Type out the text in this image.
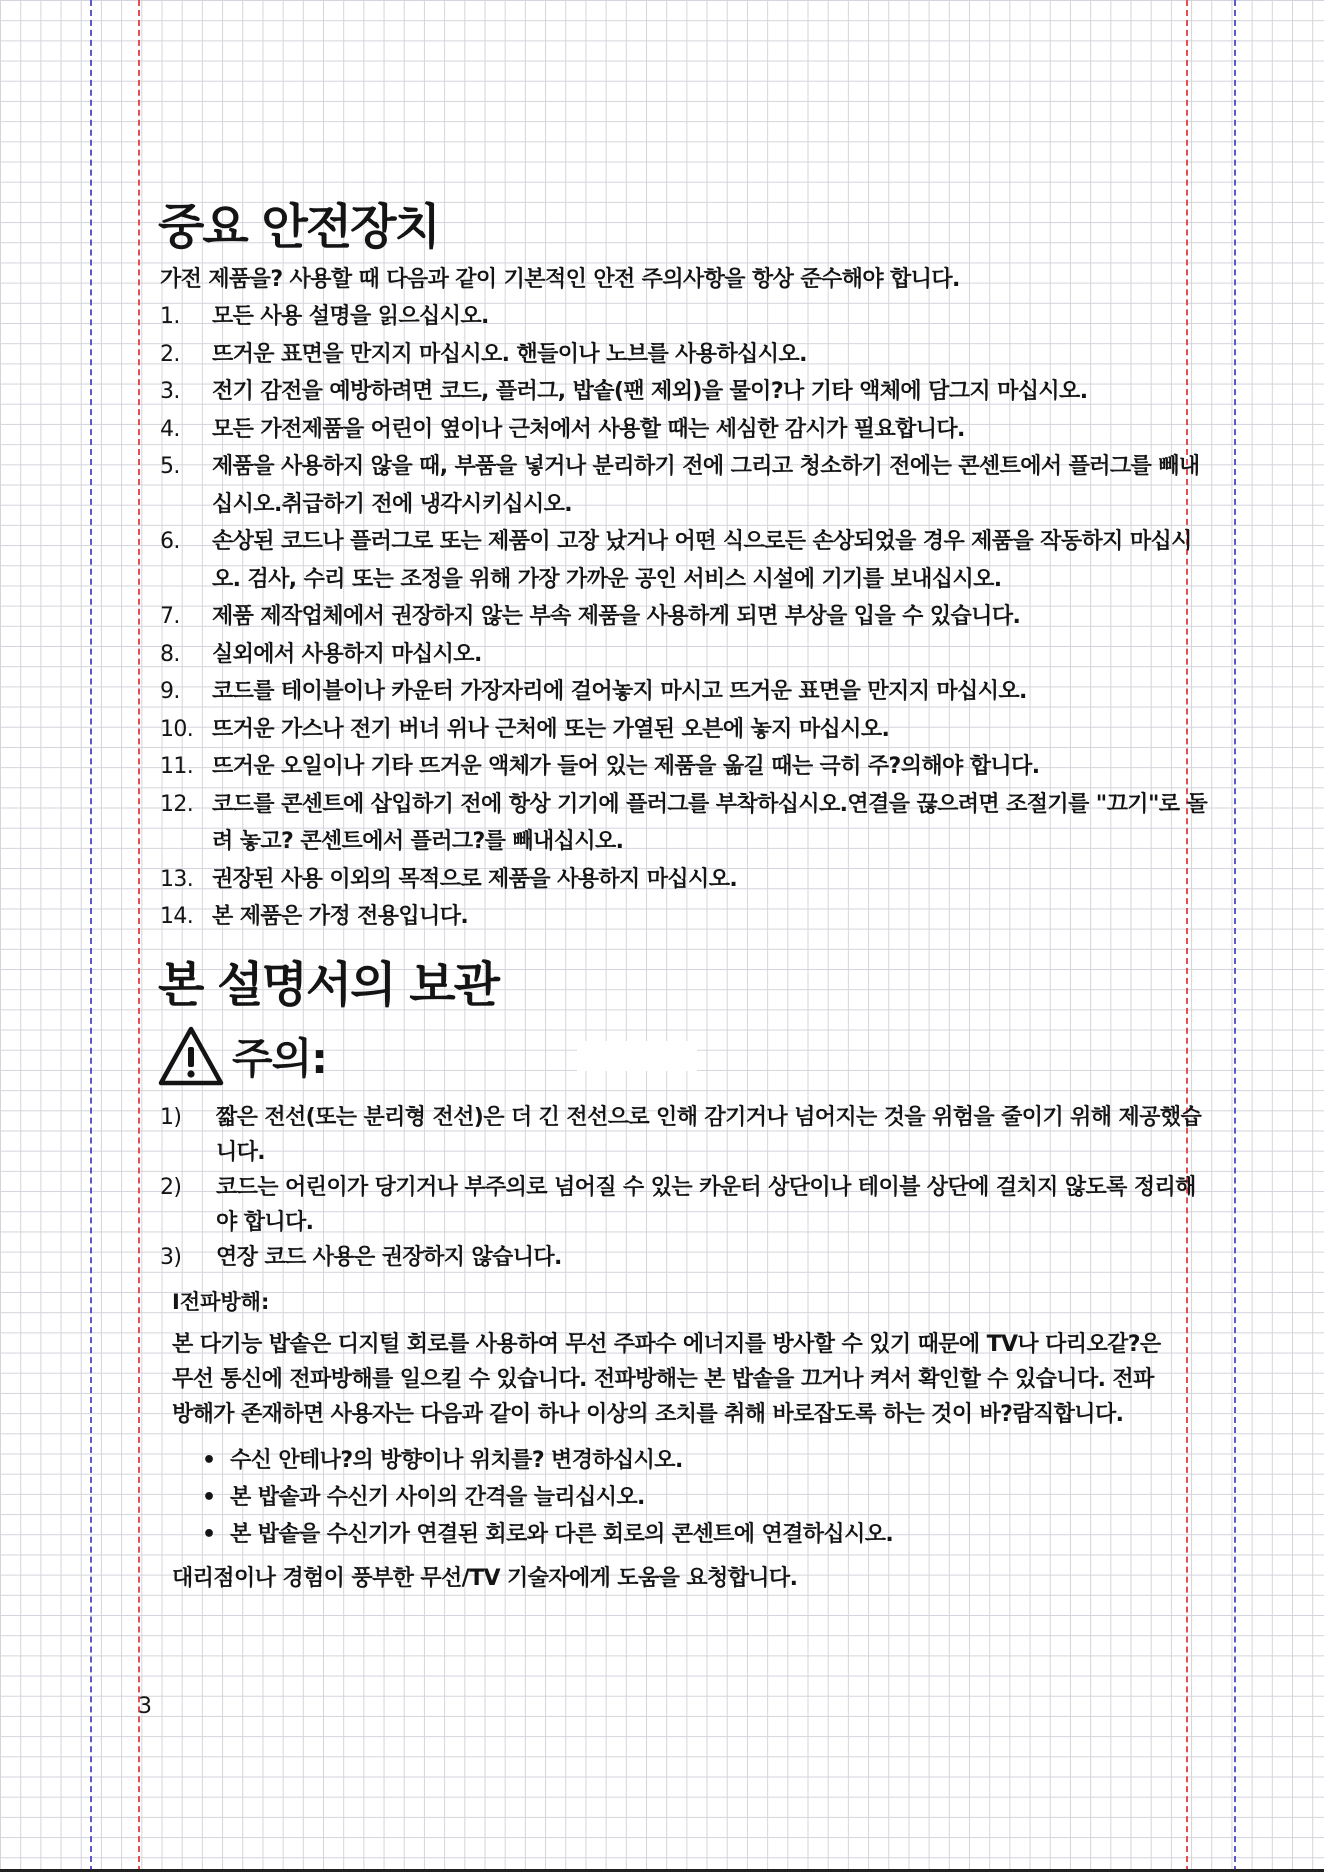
중요 안전장치

가전 제품을? 사용할 때 다음과 같이 기본적인 안전 주의사항을 항상 준수해야 합니다.

1.	모든 사용 설명을 읽으십시오.
2.	뜨거운 표면을 만지지 마십시오. 핸들이나 노브를 사용하십시오.
3.	전기 감전을 예방하려면 코드, 플러그, 밥솥(팬 제외)을 물이?나 기타 액체에 담그지 마십시오.
4.	모든 가전제품을 어린이 옆이나 근처에서 사용할 때는 세심한 감시가 필요합니다.
5.	제품을 사용하지 않을 때, 부품을 넣거나 분리하기 전에 그리고 청소하기 전에는 콘센트에서 플러그를 빼내십시오.취급하기 전에 냉각시키십시오.
6.	손상된 코드나 플러그로 또는 제품이 고장 났거나 어떤 식으로든 손상되었을 경우 제품을 작동하지 마십시오. 검사, 수리 또는 조정을 위해 가장 가까운 공인 서비스 시설에 기기를 보내십시오.
7.	제품 제작업체에서 권장하지 않는 부속 제품을 사용하게 되면 부상을 입을 수 있습니다.
8.	실외에서 사용하지 마십시오.
9.	코드를 테이블이나 카운터 가장자리에 걸어놓지 마시고 뜨거운 표면을 만지지 마십시오.
10. 뜨거운 가스나 전기 버너 위나 근처에 또는 가열된 오븐에 놓지 마십시오.
11. 뜨거운 오일이나 기타 뜨거운 액체가 들어 있는 제품을 옮길 때는 극히 주?의해야 합니다.
12. 코드를 콘센트에 삽입하기 전에 항상 기기에 플러그를 부착하십시오.연결을 끊으려면 조절기를 "끄기"로 돌려 놓고? 콘센트에서 플러그?를 빼내십시오.
13. 권장된 사용 이외의 목적으로 제품을 사용하지 마십시오.
14. 본 제품은 가정 전용입니다.
본 설명서의 보관
주의:
1)	짧은 전선(또는 분리형 전선)은 더 긴 전선으로 인해 감기거나 넘어지는 것을 위험을 줄이기 위해 제공했습니다.
2)	코드는 어린이가 당기거나 부주의로 넘어질 수 있는 카운터 상단이나 테이블 상단에 걸치지 않도록 정리해야 합니다.
3)	연장 코드 사용은 권장하지 않습니다.
I전파방해:
본 다기능 밥솥은 디지털 회로를 사용하여 무선 주파수 에너지를 방사할 수 있기 때문에 TV나 다리오같?은 무선 통신에 전파방해를 일으킬 수 있습니다. 전파방해는 본 밥솥을 끄거나 켜서 확인할 수 있습니다. 전파방해가 존재하면 사용자는 다음과 같이 하나 이상의 조치를 취해 바로잡도록 하는 것이 바?람직합니다.
• 수신 안테나?의 방향이나 위치를? 변경하십시오.
• 본 밥솥과 수신기 사이의 간격을 늘리십시오.
• 본 밥솥을 수신기가 연결된 회로와 다른 회로의 콘센트에 연결하십시오.
대리점이나 경험이 풍부한 무선/TV 기술자에게 도움을 요청합니다.
3
